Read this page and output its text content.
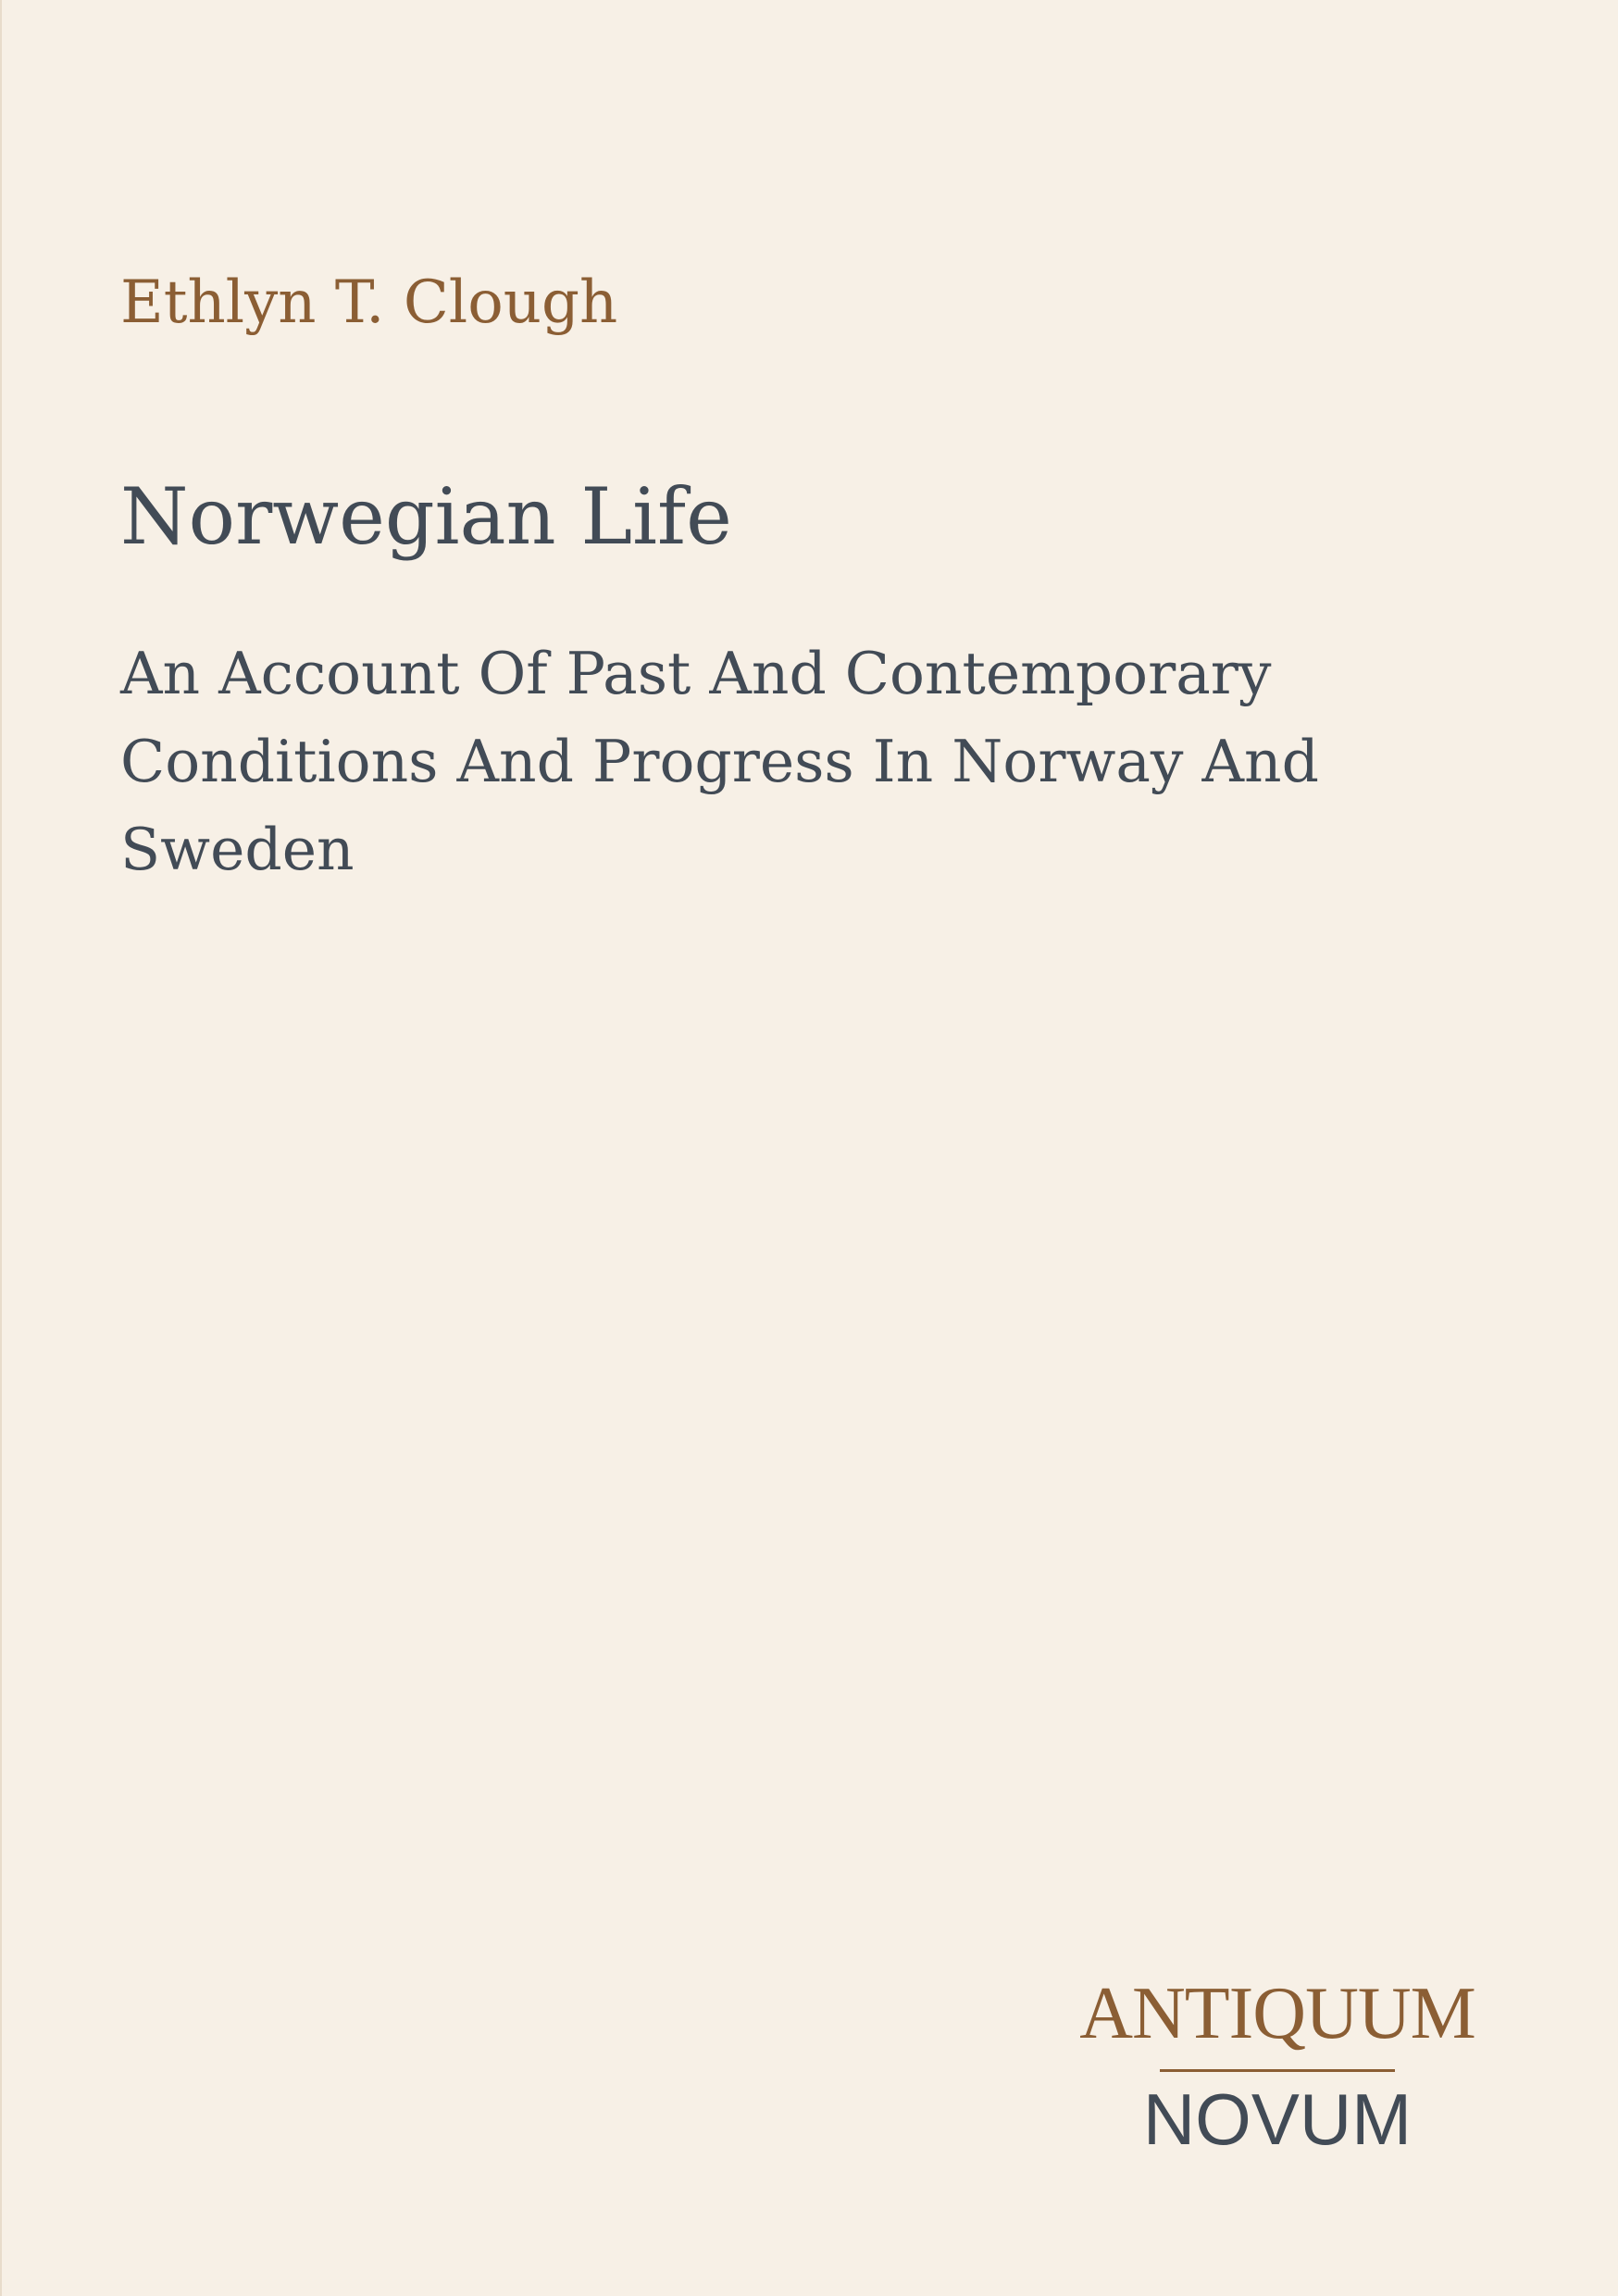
Ethlyn T. Clough
Norwegian Life
An Account Of Past And Contemporary
Conditions And Progress In Norway And
Sweden
ANTIQUUM
NOVUM
